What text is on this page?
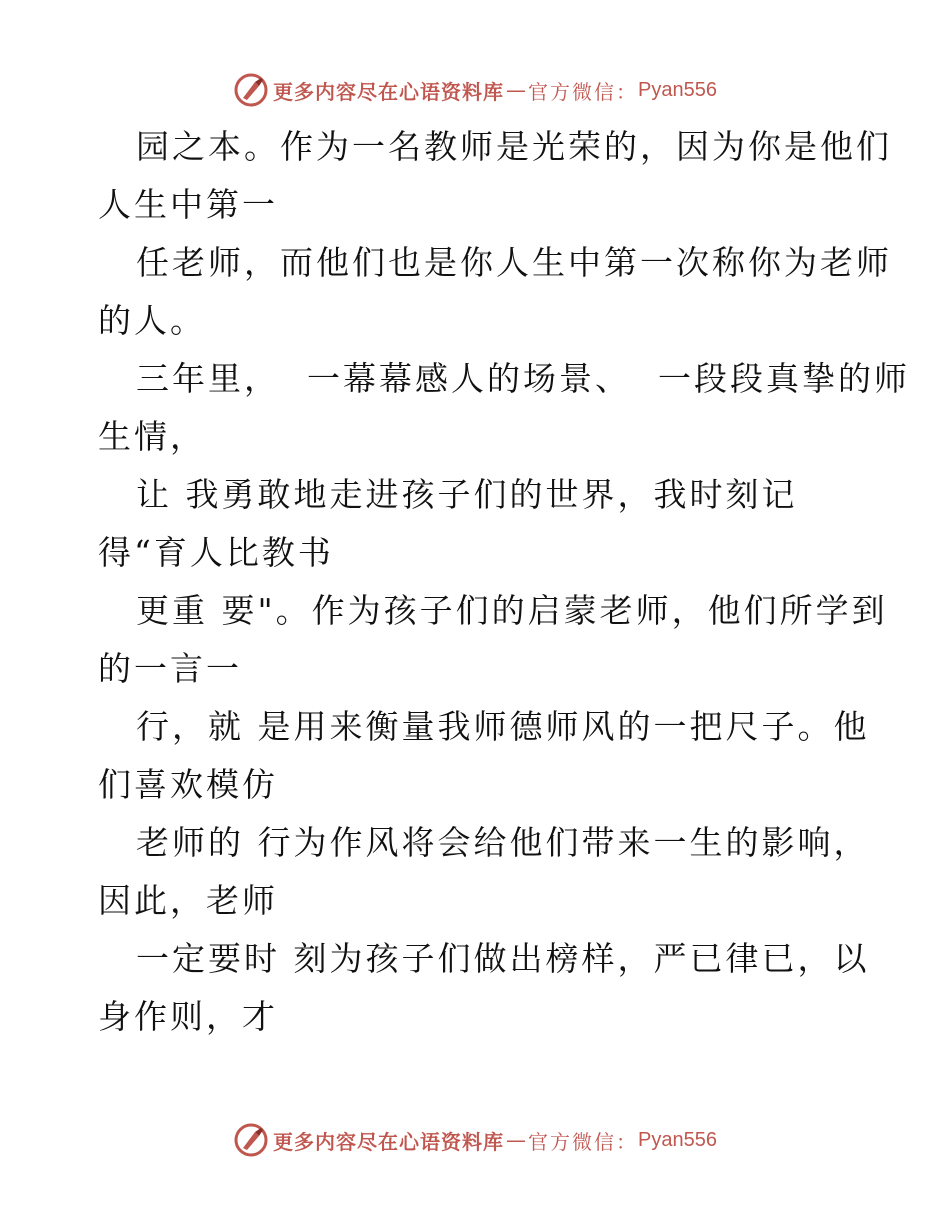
更多内容尽在心语资料库 — 官方微信： Pyan556
园之本。作为一名教师是光荣的，因为你是他们
人生中第一
任老师，而他们也是你人生中第一次称你为老师
的人。
三年里，  一幕幕感人的场景、  一段段真挚的师
生情，
让 我勇敢地走进孩子们的世界，我时刻记
得“育人比教书
更重 要"。作为孩子们的启蒙老师，他们所学到
的一言一
行，就 是用来衡量我师德师风的一把尺子。他
们喜欢模仿
老师的 行为作风将会给他们带来一生的影响，
因此，老师
一定要时 刻为孩子们做出榜样，严已律已，以
身作则，才
更多内容尽在心语资料库 — 官方微信： Pyan556
